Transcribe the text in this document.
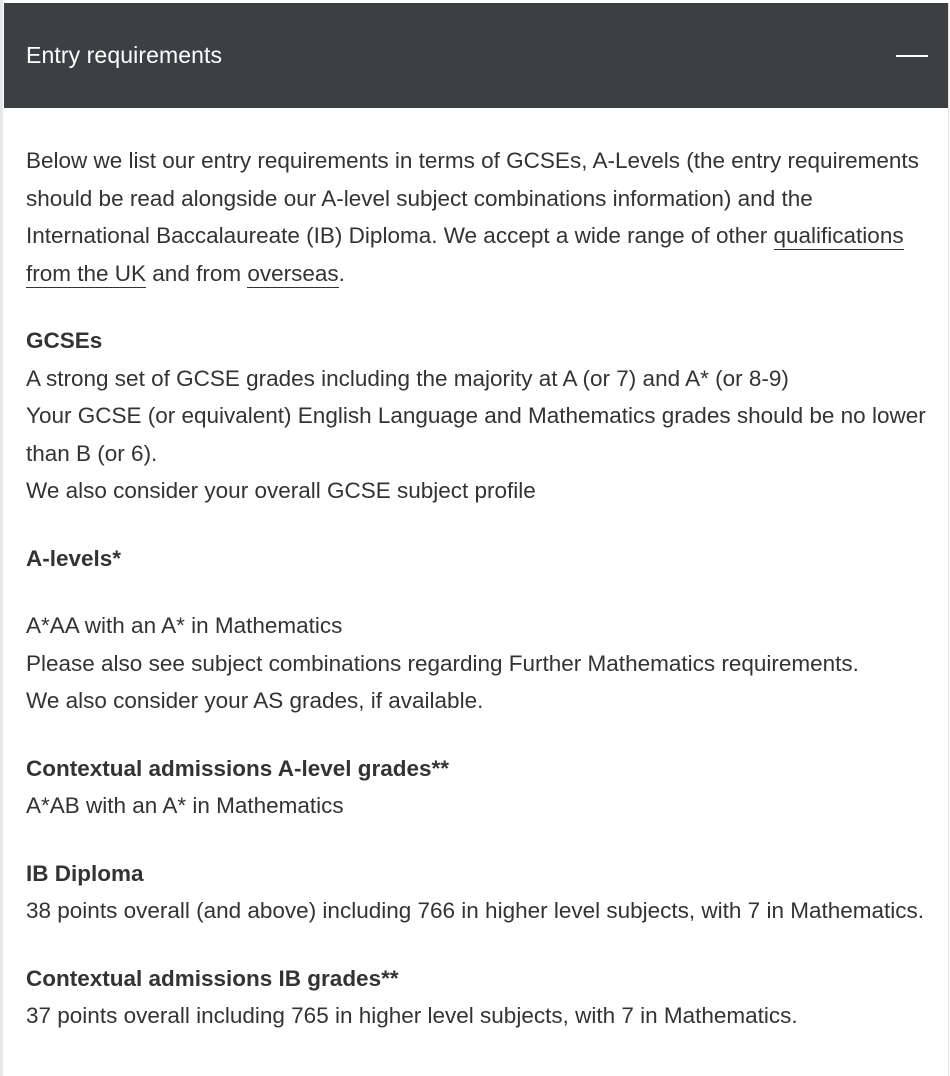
Entry requirements

Below we list our entry requirements in terms of GCSEs, A-Levels (the entry requirements should be read alongside our A-level subject combinations information) and the International Baccalaureate (IB) Diploma. We accept a wide range of other qualifications from the UK and from overseas.

GCSEs
A strong set of GCSE grades including the majority at A (or 7) and A* (or 8-9)
Your GCSE (or equivalent) English Language and Mathematics grades should be no lower than B (or 6).
We also consider your overall GCSE subject profile

A-levels*
A*AA with an A* in Mathematics
Please also see subject combinations regarding Further Mathematics requirements.
We also consider your AS grades, if available.

Contextual admissions A-level grades**
A*AB with an A* in Mathematics

IB Diploma
38 points overall (and above) including 766 in higher level subjects, with 7 in Mathematics.

Contextual admissions IB grades**
37 points overall including 765 in higher level subjects, with 7 in Mathematics.
